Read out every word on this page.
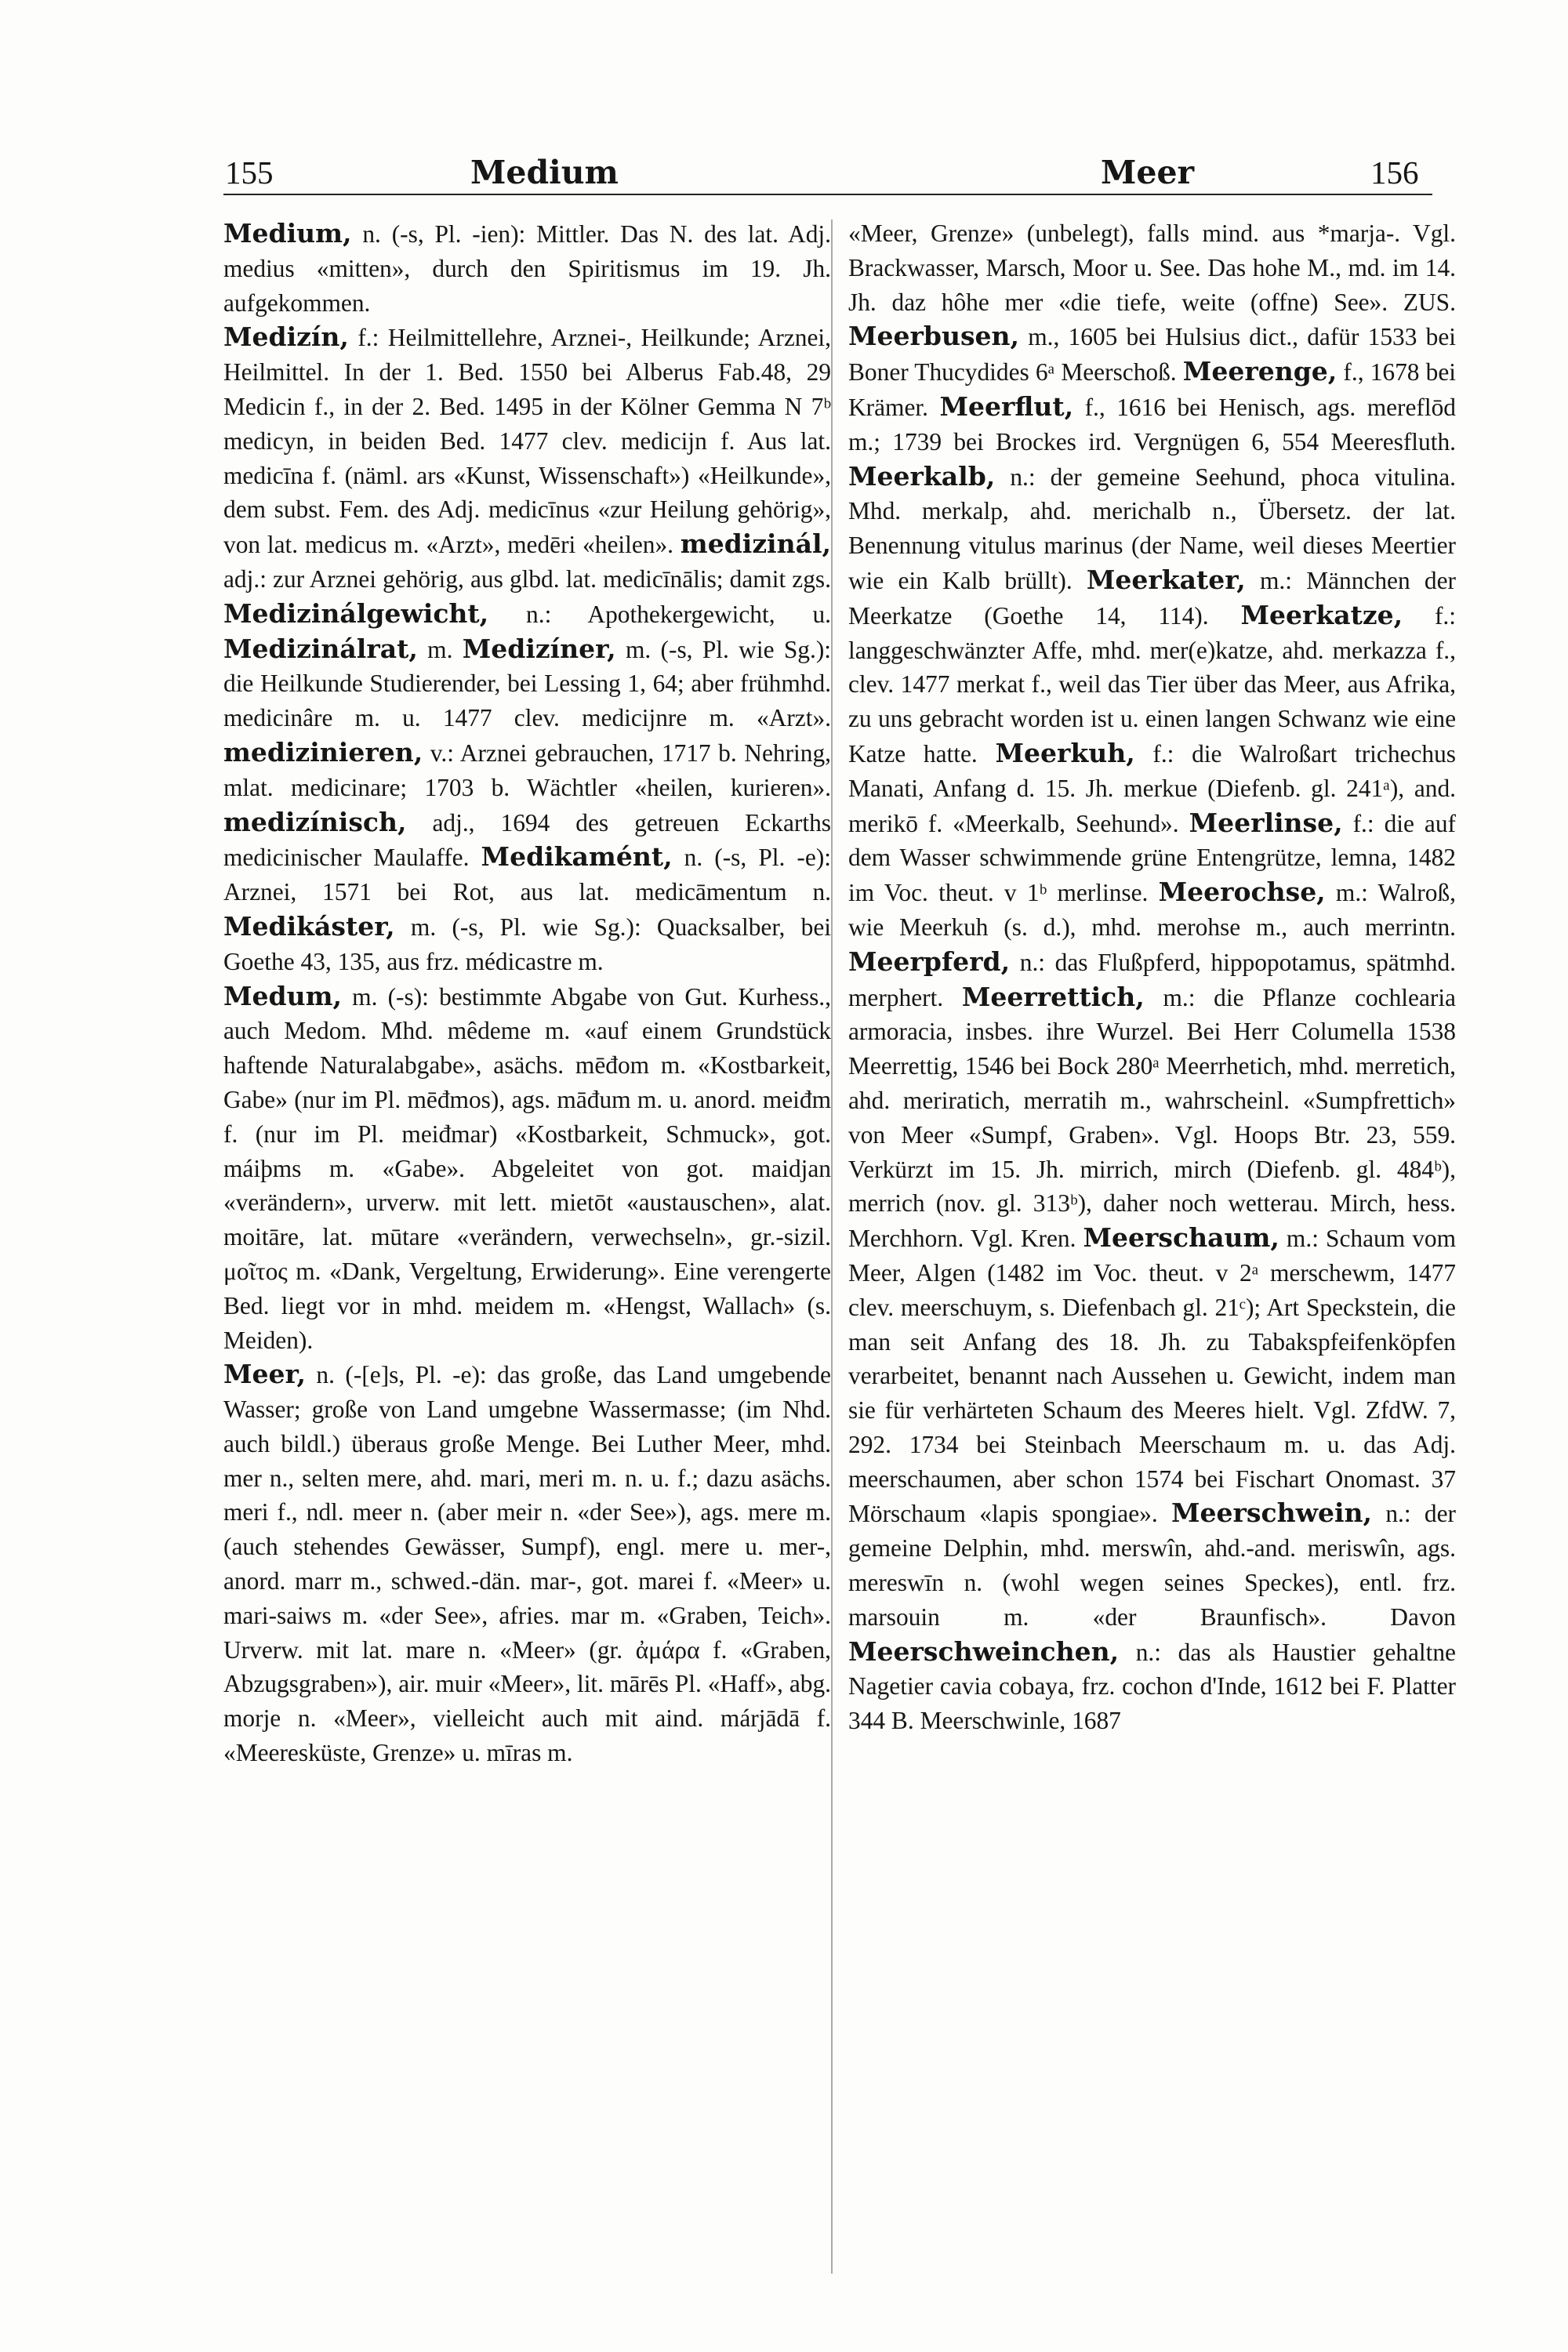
155	Medium	Meer	156

Medium, n. (-s, Pl. -ien): Mittler. Das N. des lat. Adj. medius «mitten», durch den Spiritismus im 19. Jh. aufgekommen.

Medizín, f.: Heilmittellehre, Arznei-, Heilkunde; Arznei, Heilmittel. In der 1. Bed. 1550 bei Alberus Fab.48, 29 Medicin f., in der 2. Bed. 1495 in der Kölner Gemma N 7ᵇ medicyn, in beiden Bed. 1477 clev. medicijn f. Aus lat. medicīna f. (näml. ars «Kunst, Wissenschaft») «Heilkunde», dem subst. Fem. des Adj. medicīnus «zur Heilung gehörig», von lat. medicus m. «Arzt», medēri «heilen». medizinál, adj.: zur Arznei gehörig, aus glbd. lat. medicīnālis; damit zgs. Medizinálgewicht, n.: Apothekergewicht, u. Medizinálrat, m. Medizíner, m. (-s, Pl. wie Sg.): die Heilkunde Studierender, bei Lessing 1, 64; aber frühmhd. medicinâre m. u. 1477 clev. medicijnre m. «Arzt». medizinieren, v.: Arznei gebrauchen, 1717 b. Nehring, mlat. medicinare; 1703 b. Wächtler «heilen, kurieren». medizínisch, adj., 1694 des getreuen Eckarths medicinischer Maulaffe. Medikamént, n. (-s, Pl. -e): Arznei, 1571 bei Rot, aus lat. medicāmentum n. Medikáster, m. (-s, Pl. wie Sg.): Quacksalber, bei Goethe 43, 135, aus frz. médicastre m.

Medum, m. (-s): bestimmte Abgabe von Gut. Kurhess., auch Medom. Mhd. mêdeme m. «auf einem Grundstück haftende Naturalabgabe», asächs. mēđom m. «Kostbarkeit, Gabe» (nur im Pl. mēđmos), ags. māđum m. u. anord. meiđm f. (nur im Pl. meiđmar) «Kostbarkeit, Schmuck», got. máiþms m. «Gabe». Abgeleitet von got. maidjan «verändern», urverw. mit lett. mietōt «austauschen», alat. moitāre, lat. mūtare «verändern, verwechseln», gr.-sizil. μοῖτος m. «Dank, Vergeltung, Erwiderung». Eine verengerte Bed. liegt vor in mhd. meidem m. «Hengst, Wallach» (s. Meiden).

Meer, n. (-[e]s, Pl. -e): das große, das Land umgebende Wasser; große von Land umgebne Wassermasse; (im Nhd. auch bildl.) überaus große Menge. Bei Luther Meer, mhd. mer n., selten mere, ahd. mari, meri m. n. u. f.; dazu asächs. meri f., ndl. meer n. (aber meir n. «der See»), ags. mere m. (auch stehendes Gewässer, Sumpf), engl. mere u. mer-, anord. marr m., schwed.-dän. mar-, got. marei f. «Meer» u. mari-saiws m. «der See», afries. mar m. «Graben, Teich». Urverw. mit lat. mare n. «Meer» (gr. ἀμάρα f. «Graben, Abzugsgraben»), air. muir «Meer», lit. mārēs Pl. «Haff», abg. morje n. «Meer», vielleicht auch mit aind. márjādā f. «Meeresküste, Grenze» u. mīras m.

«Meer, Grenze» (unbelegt), falls mind. aus *marja-. Vgl. Brackwasser, Marsch, Moor u. See. Das hohe M., md. im 14. Jh. daz hôhe mer «die tiefe, weite (offne) See». ZUS. Meerbusen, m., 1605 bei Hulsius dict., dafür 1533 bei Boner Thucydides 6ᵃ Meerschoß. Meerenge, f., 1678 bei Krämer. Meerflut, f., 1616 bei Henisch, ags. mereflōd m.; 1739 bei Brockes ird. Vergnügen 6, 554 Meeresfluth. Meerkalb, n.: der gemeine Seehund, phoca vitulina. Mhd. merkalp, ahd. merichalb n., Übersetz. der lat. Benennung vitulus marinus (der Name, weil dieses Meertier wie ein Kalb brüllt). Meerkater, m.: Männchen der Meerkatze (Goethe 14, 114). Meerkatze, f.: langgeschwänzter Affe, mhd. mer(e)katze, ahd. merkazza f., clev. 1477 merkat f., weil das Tier über das Meer, aus Afrika, zu uns gebracht worden ist u. einen langen Schwanz wie eine Katze hatte. Meerkuh, f.: die Walroßart trichechus Manati, Anfang d. 15. Jh. merkue (Diefenb. gl. 241ᵃ), and. merikō f. «Meerkalb, Seehund». Meerlinse, f.: die auf dem Wasser schwimmende grüne Entengrütze, lemna, 1482 im Voc. theut. v 1ᵇ merlinse. Meerochse, m.: Walroß, wie Meerkuh (s. d.), mhd. merohse m., auch merrintn. Meerpferd, n.: das Flußpferd, hippopotamus, spätmhd. merphert. Meerrettich, m.: die Pflanze cochlearia armoracia, insbes. ihre Wurzel. Bei Herr Columella 1538 Meerrettig, 1546 bei Bock 280ᵃ Meerrhetich, mhd. merretich, ahd. meriratich, merratih m., wahrscheinl. «Sumpfrettich» von Meer «Sumpf, Graben». Vgl. Hoops Btr. 23, 559. Verkürzt im 15. Jh. mirrich, mirch (Diefenb. gl. 484ᵇ), merrich (nov. gl. 313ᵇ), daher noch wetterau. Mirch, hess. Merchhorn. Vgl. Kren. Meerschaum, m.: Schaum vom Meer, Algen (1482 im Voc. theut. v 2ᵃ merschewm, 1477 clev. meerschuym, s. Diefenbach gl. 21ᶜ); Art Speckstein, die man seit Anfang des 18. Jh. zu Tabakspfeifenköpfen verarbeitet, benannt nach Aussehen u. Gewicht, indem man sie für verhärteten Schaum des Meeres hielt. Vgl. ZfdW. 7, 292. 1734 bei Steinbach Meerschaum m. u. das Adj. meerschaumen, aber schon 1574 bei Fischart Onomast. 37 Mörschaum «lapis spongiae». Meerschwein, n.: der gemeine Delphin, mhd. merswîn, ahd.-and. meriswîn, ags. mereswīn n. (wohl wegen seines Speckes), entl. frz. marsouin m. «der Braunfisch». Davon Meerschweinchen, n.: das als Haustier gehaltne Nagetier cavia cobaya, frz. cochon d'Inde, 1612 bei F. Platter 344 B. Meerschwinle, 1687
